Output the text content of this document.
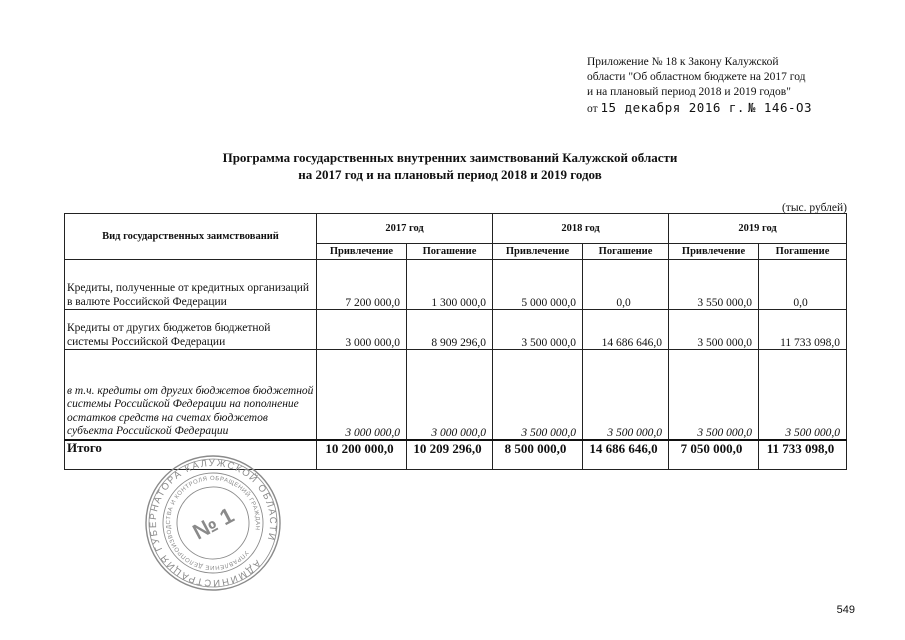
Приложение № 18 к Закону Калужской
области "Об областном бюджете на 2017 год
и на плановый период 2018 и 2019 годов"
от 15 декабря 2016 г. № 146-ОЗ
Программа государственных внутренних заимствований Калужской области
на 2017 год и на плановый период 2018 и 2019 годов
(тыс. рублей)
Вид государственных заимствований	2017 год		2018 год		2019 год	
	Привлечение	Погашение	Привлечение	Погашение	Привлечение	Погашение
Кредиты, полученные от кредитных организаций в валюте Российской Федерации	7 200 000,0	1 300 000,0	5 000 000,0	0,0	3 550 000,0	0,0
Кредиты от других бюджетов бюджетной системы Российской Федерации	3 000 000,0	8 909 296,0	3 500 000,0	14 686 646,0	3 500 000,0	11 733 098,0
в т.ч. кредиты от других бюджетов бюджетной системы Российской Федерации на пополнение остатков средств на счетах бюджетов субъекта Российской Федерации	3 000 000,0	3 000 000,0	3 500 000,0	3 500 000,0	3 500 000,0	3 500 000,0
Итого	10 200 000,0	10 209 296,0	8 500 000,0	14 686 646,0	7 050 000,0	11 733 098,0
АДМИНИСТРАЦИЯ ГУБЕРНАТОРА КАЛУЖСКОЙ ОБЛАСТИ
УПРАВЛЕНИЕ ДЕЛОПРОИЗВОДСТВА И КОНТРОЛЯ ОБРАЩЕНИЙ ГРАЖДАН
№ 1
549
